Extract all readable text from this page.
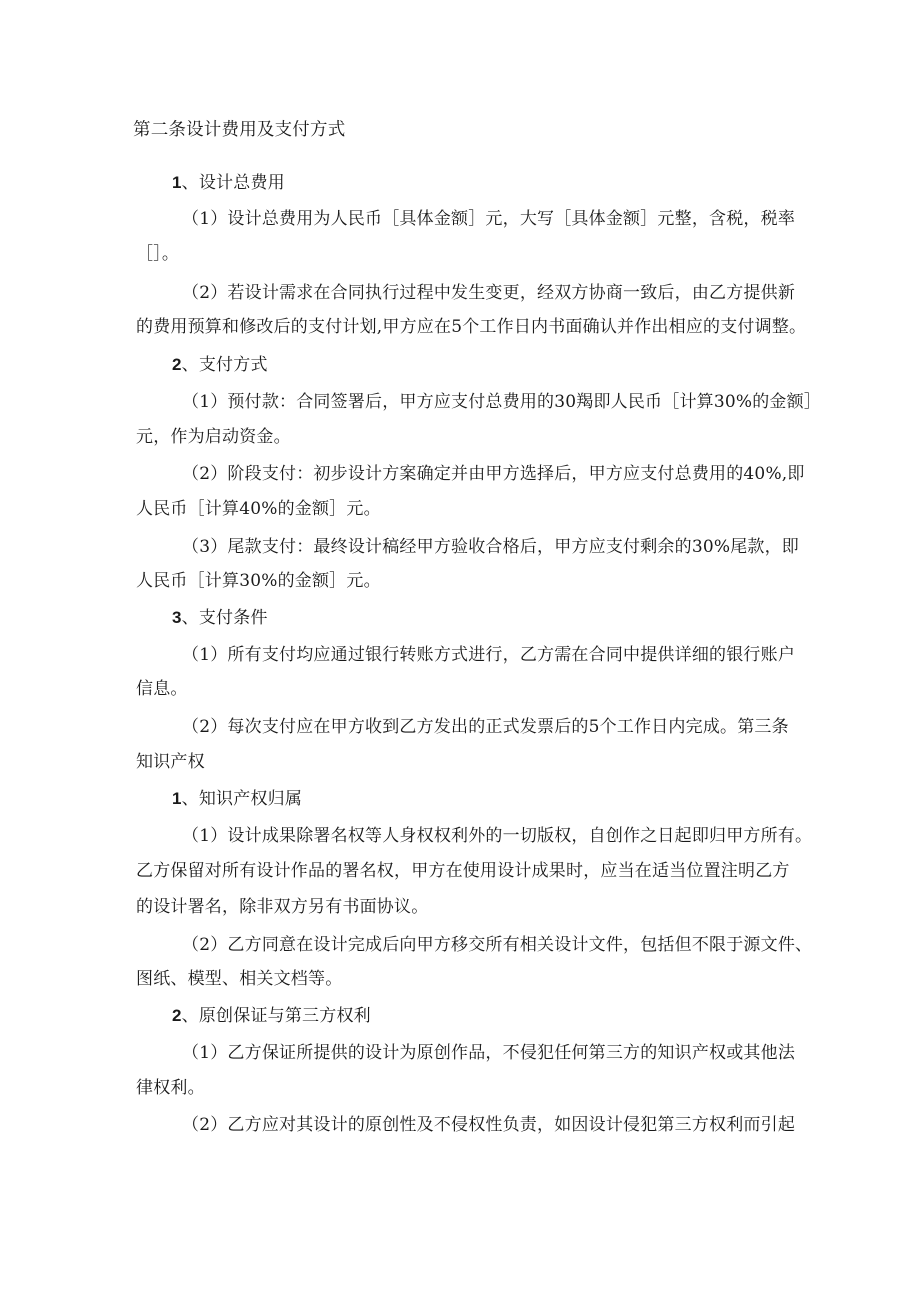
第二条设计费用及支付方式
1、设计总费用
（1）设计总费用为人民币［具体金额］元，大写［具体金额］元整，含税，税率
［］。
（2）若设计需求在合同执行过程中发生变更，经双方协商一致后，由乙方提供新
的费用预算和修改后的支付计划,甲方应在5个工作日内书面确认并作出相应的支付调整。
2、支付方式
（1）预付款：合同签署后，甲方应支付总费用的30羯即人民币［计算30%的金额］
元，作为启动资金。
（2）阶段支付：初步设计方案确定并由甲方选择后，甲方应支付总费用的40%,即
人民币［计算40%的金额］元。
（3）尾款支付：最终设计稿经甲方验收合格后，甲方应支付剩余的30%尾款，即
人民币［计算30%的金额］元。
3、支付条件
（1）所有支付均应通过银行转账方式进行，乙方需在合同中提供详细的银行账户
信息。
（2）每次支付应在甲方收到乙方发出的正式发票后的5个工作日内完成。第三条
知识产权
1、知识产权归属
（1）设计成果除署名权等人身权权利外的一切版权，自创作之日起即归甲方所有。
乙方保留对所有设计作品的署名权，甲方在使用设计成果时，应当在适当位置注明乙方
的设计署名，除非双方另有书面协议。
（2）乙方同意在设计完成后向甲方移交所有相关设计文件，包括但不限于源文件、
图纸、模型、相关文档等。
2、原创保证与第三方权利
（1）乙方保证所提供的设计为原创作品，不侵犯任何第三方的知识产权或其他法
律权利。
（2）乙方应对其设计的原创性及不侵权性负责，如因设计侵犯第三方权利而引起
